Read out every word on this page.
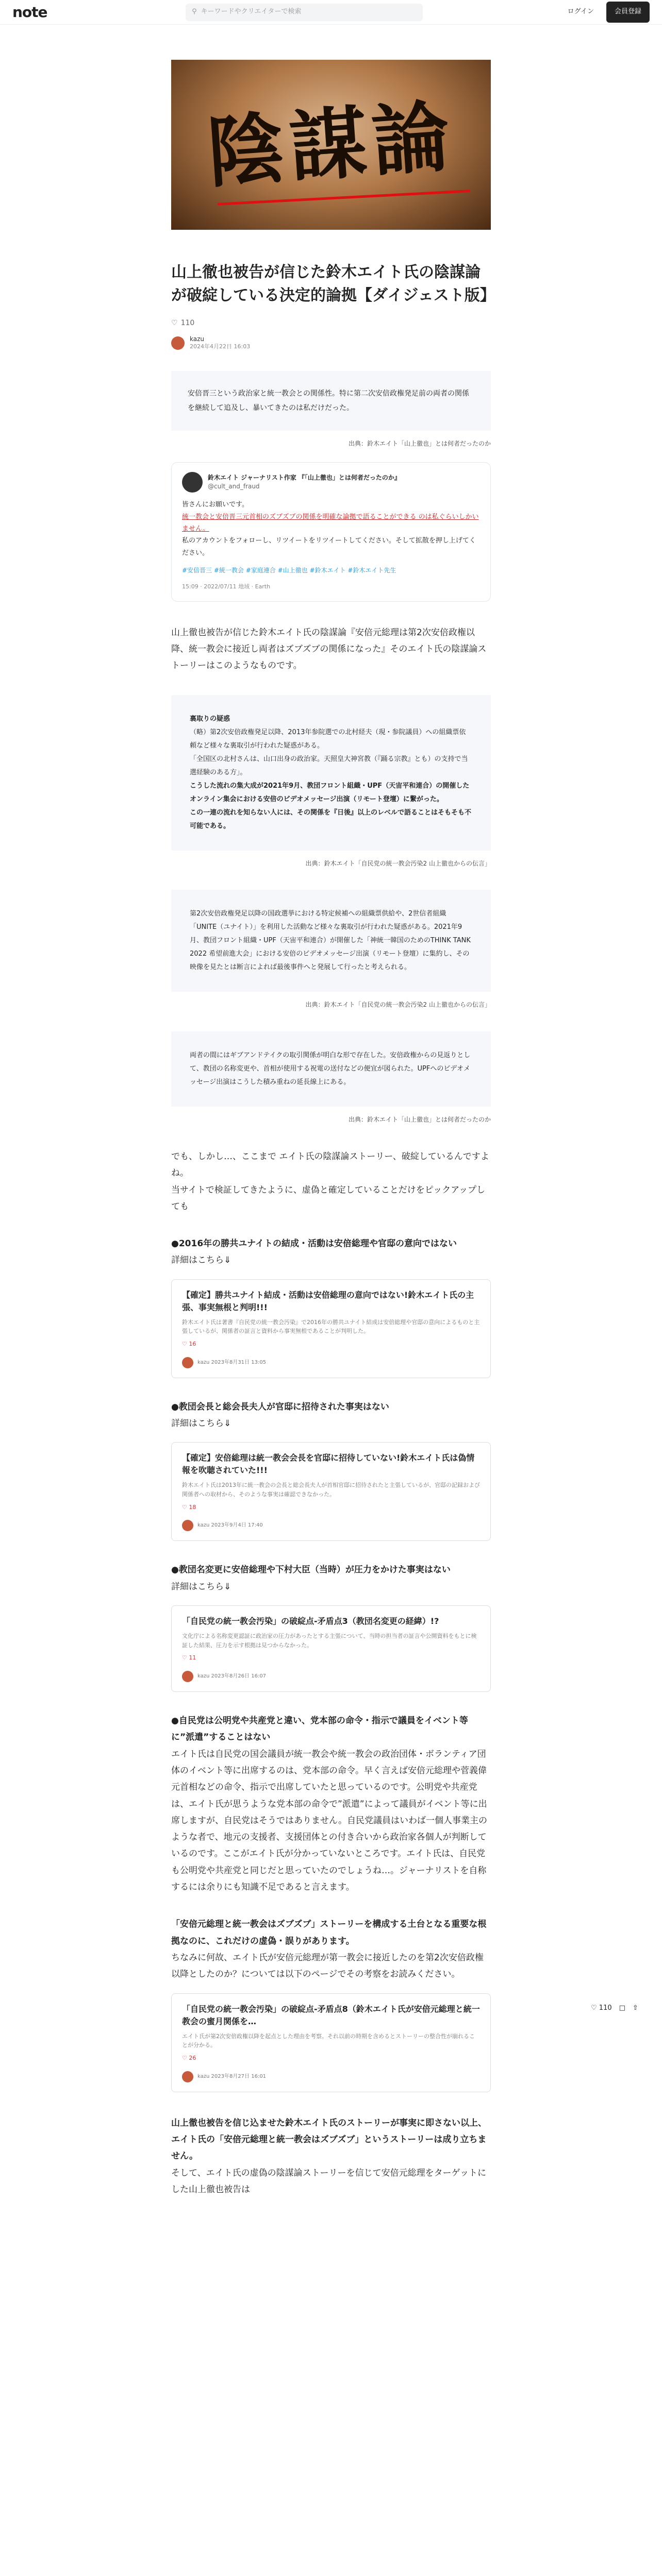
note	⚲ キーワードやクリエイターで検索	ログイン	会員登録
♡ 110 □ ⇧
陰謀論
山上徹也被告が信じた鈴木エイト氏の陰謀論が破綻している決定的論拠【ダイジェスト版】
♡ 110
kazu
2024年4月22日 16:03
安倍晋三という政治家と統一教会との関係性。特に第二次安倍政権発足前の両者の関係を継続して追及し、暴いてきたのは私だけだった。
出典：鈴木エイト「山上徹也」とは何者だったのか
鈴木エイト ジャーナリスト作家 『「山上徹也」とは何者だったのか』
@cult_and_fraud
皆さんにお願いです。
統一教会と安倍晋三元首相のズブズブの関係を明確な論拠で語ることができる のは私ぐらいしかいません。
私のアカウントをフォローし、リツイートをリツイートしてください。そして拡散を押し上げてください。
#安倍晋三 #統一教会 #家庭連合 #山上徹也 #鈴木エイト #鈴木エイト先生
15:09 · 2022/07/11 地域 · Earth

山上徹也被告が信じた鈴木エイト氏の陰謀論『安倍元総理は第2次安倍政権以降、統一教会に接近し両者はズブズブの関係になった』そのエイト氏の陰謀論ストーリーはこのようなものです。

裏取りの疑惑
（略）第2次安倍政権発足以降、2013年参院選での北村経夫（現・参院議員）への組織票依頼など様々な裏取引が行われた疑惑がある。
「全国区の北村さんは、山口出身の政治家。天照皇大神宮教（『踊る宗教』とも）の支持で当選経験のある方」。
こうした流れの集大成が2021年9月、教団フロント組織・UPF（天宙平和連合）の開催したオンライン集会における安倍のビデオメッセージ出演（リモート登壇）に繋がった。
この一連の流れを知らない人には、その関係を『日後』以上のレベルで語ることはそもそも不可能である。
出典：鈴木エイト「自民党の統一教会汚染2 山上徹也からの伝言」
第2次安倍政権発足以降の国政選挙における特定候補への組織票供給や、2世信者組織「UNITE（ユナイト）」を利用した活動など様々な裏取引が行われた疑惑がある。2021年9月、教団フロント組織・UPF（天宙平和連合）が開催した「神統一韓国のためのTHINK TANK 2022 希望前進大会」における安倍のビデオメッセージ出演（リモート登壇）に集約し、その映像を見たとは断言によれば最後事件へと発展して行ったと考えられる。
出典：鈴木エイト「自民党の統一教会汚染2 山上徹也からの伝言」
両者の間にはギブアンドテイクの取引関係が明白な形で存在した。安倍政権からの見返りとして、教団の名称変更や、首相が使用する祝電の送付などの便宜が図られた。UPFへのビデオメッセージ出演はこうした積み重ねの延長線上にある。
出典：鈴木エイト「山上徹也」とは何者だったのか

でも、しかし…、ここまで エイト氏の陰謀論ストーリー、破綻しているんですよね。

当サイトで検証してきたように、虚偽と確定していることだけをピックアップしても

●2016年の勝共ユナイトの結成・活動は安倍総理や官邸の意向ではない
詳細はこちら⇓
【確定】勝共ユナイト結成・活動は安倍総理の意向ではない!鈴木エイト氏の主張、事実無根と判明!!!
鈴木エイト氏は著書『自民党の統一教会汚染』で2016年の勝共ユナイト結成は安倍総理や官邸の意向によるものと主張しているが、関係者の証言と資料から事実無根であることが判明した。
♡ 16
kazu 2023年8月31日 13:05
●教団会長と総会長夫人が官邸に招待された事実はない
詳細はこちら⇓
【確定】安倍総理は統一教会会長を官邸に招待していない!鈴木エイト氏は偽情報を吹聴されていた!!!
鈴木エイト氏は2013年に統一教会の会長と総会長夫人が首相官邸に招待されたと主張しているが、官邸の記録および関係者への取材から、そのような事実は確認できなかった。
♡ 18
kazu 2023年9月4日 17:40
●教団名変更に安倍総理や下村大臣（当時）が圧力をかけた事実はない
詳細はこちら⇓
「自民党の統一教会汚染」の破綻点-矛盾点3（教団名変更の経緯）!?
文化庁による名称変更認証に政治家の圧力があったとする主張について、当時の担当者の証言や公開資料をもとに検証した結果、圧力を示す根拠は見つからなかった。
♡ 11
kazu 2023年8月26日 16:07
●自民党は公明党や共産党と違い、党本部の命令・指示で議員をイベント等に”派遣”することはない

エイト氏は自民党の国会議員が統一教会や統一教会の政治団体・ボランティア団体のイベント等に出席するのは、党本部の命令。早く言えば安倍元総理や菅義偉元首相などの命令、指示で出席していたと思っているのです。公明党や共産党は、エイト氏が思うような党本部の命令で”派遣”によって議員がイベント等に出席しますが、自民党はそうではありません。自民党議員はいわば一個人事業主のような者で、地元の支援者、支援団体との付き合いから政治家各個人が判断しているのです。ここがエイト氏が分かっていないところです。エイト氏は、自民党も公明党や共産党と同じだと思っていたのでしょうね…。ジャーナリストを自称するには余りにも知識不足であると言えます。

「安倍元総理と統一教会はズブズブ」ストーリーを構成する土台となる重要な根拠なのに、これだけの虚偽・誤りがあります。

ちなみに何故、エイト氏が安倍元総理が第一教会に接近したのを第2次安倍政権以降としたのか？については以下のページでその考察をお読みください。

「自民党の統一教会汚染」の破綻点-矛盾点8（鈴木エイト氏が安倍元総理と統一教会の蜜月関係を…
エイト氏が第2次安倍政権以降を起点とした理由を考察。それ以前の時期を含めるとストーリーの整合性が崩れることが分かる。
♡ 26
kazu 2023年8月27日 16:01

山上徹也被告を信じ込ませた鈴木エイト氏のストーリーが事実に即さない以上、エイト氏の「安倍元総理と統一教会はズブズブ」というストーリーは成り立ちません。

そして、エイト氏の虚偽の陰謀論ストーリーを信じて安倍元総理をターゲットにした山上徹也被告は
